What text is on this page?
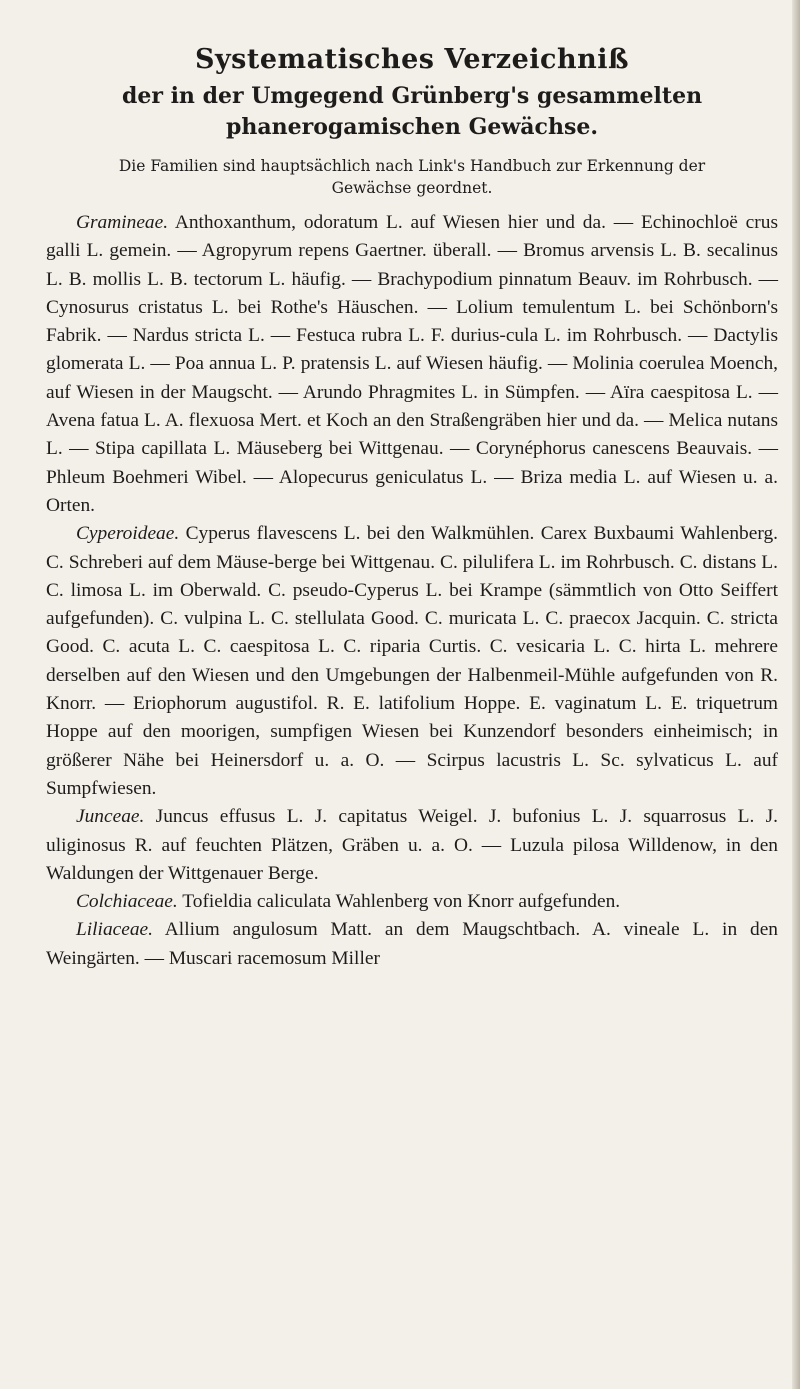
Systematisches Verzeichniß
der in der Umgegend Grünberg's gesammelten phanerogamischen Gewächse.
Die Familien sind hauptsächlich nach Link's Handbuch zur Erkennung der Gewächse geordnet.

Gramineae. Anthoxanthum, odoratum L. auf Wiesen hier und da. — Echinochloë crus galli L. gemein. — Agropyrum repens Gaertner. überall. — Bromus arvensis L. B. secalinus L. B. mollis L. B. tectorum L. häufig. — Brachypodium pinnatum Beauv. im Rohrbusch. — Cynosurus cristatus L. bei Rothe's Häuschen. — Lolium temulentum L. bei Schönborn's Fabrik. — Nardus stricta L. — Festuca rubra L. F. durius-cula L. im Rohrbusch. — Dactylis glomerata L. — Poa annua L. P. pratensis L. auf Wiesen häufig. — Molinia coerulea Moench, auf Wiesen in der Maugscht. — Arundo Phragmites L. in Sümpfen. — Aïra caespitosa L. — Avena fatua L. A. flexuosa Mert. et Koch an den Straßengräben hier und da. — Melica nutans L. — Stipa capillata L. Mäuseberg bei Wittgenau. — Corynéphorus canescens Beauvais. — Phleum Boehmeri Wibel. — Alopecurus geniculatus L. — Briza media L. auf Wiesen u. a. Orten.

Cyperoideae. Cyperus flavescens L. bei den Walkmühlen. Carex Buxbaumi Wahlenberg. C. Schreberi auf dem Mäuse-berge bei Wittgenau. C. pilulifera L. im Rohrbusch. C. distans L. C. limosa L. im Oberwald. C. pseudo-Cyperus L. bei Krampe (sämmtlich von Otto Seiffert aufgefunden). C. vulpina L. C. stellulata Good. C. muricata L. C. praecox Jacquin. C. stricta Good. C. acuta L. C. caespitosa L. C. riparia Curtis. C. vesicaria L. C. hirta L. mehrere derselben auf den Wiesen und den Umgebungen der Halbenmeil-Mühle aufgefunden von R. Knorr. — Eriophorum augustifol. R. E. latifolium Hoppe. E. vaginatum L. E. triquetrum Hoppe auf den moorigen, sumpfigen Wiesen bei Kunzendorf besonders einheimisch; in größerer Nähe bei Heinersdorf u. a. O. — Scirpus lacustris L. Sc. sylvaticus L. auf Sumpfwiesen.

Junceae. Juncus effusus L. J. capitatus Weigel. J. bufonius L. J. squarrosus L. J. uliginosus R. auf feuchten Plätzen, Gräben u. a. O. — Luzula pilosa Willdenow, in den Waldungen der Wittgenauer Berge.

Colchiaceae. Tofieldia caliculata Wahlenberg von Knorr aufgefunden.

Liliaceae. Allium angulosum Matt. an dem Maugschtbach. A. vineale L. in den Weingärten. — Muscari racemosum Miller
